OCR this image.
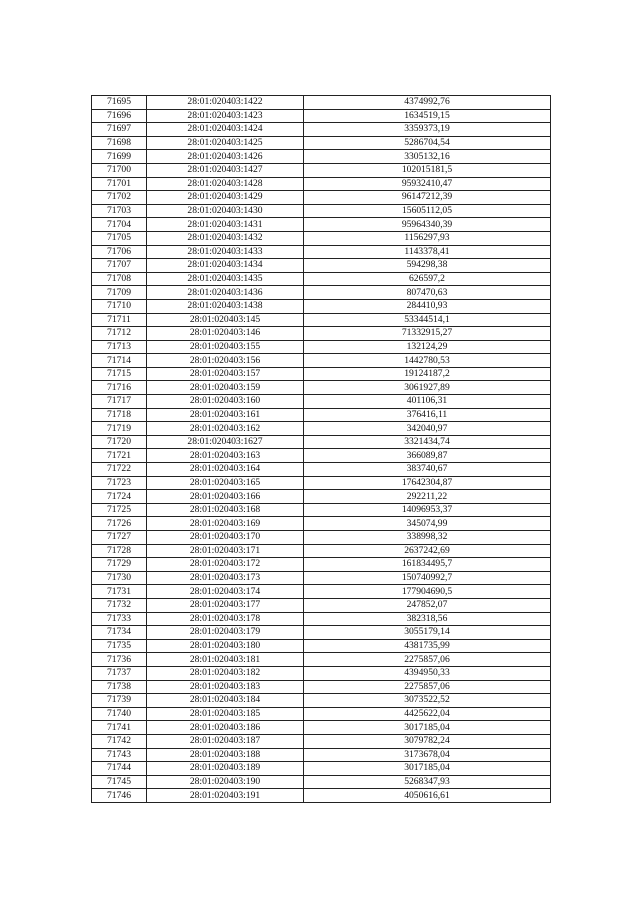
71695	28:01:020403:1422	4374992,76
71696	28:01:020403:1423	1634519,15
71697	28:01:020403:1424	3359373,19
71698	28:01:020403:1425	5286704,54
71699	28:01:020403:1426	3305132,16
71700	28:01:020403:1427	102015181,5
71701	28:01:020403:1428	95932410,47
71702	28:01:020403:1429	96147212,39
71703	28:01:020403:1430	15605112,05
71704	28:01:020403:1431	95964340,39
71705	28:01:020403:1432	1156297,93
71706	28:01:020403:1433	1143378,41
71707	28:01:020403:1434	594298,38
71708	28:01:020403:1435	626597,2
71709	28:01:020403:1436	807470,63
71710	28:01:020403:1438	284410,93
71711	28:01:020403:145	53344514,1
71712	28:01:020403:146	71332915,27
71713	28:01:020403:155	132124,29
71714	28:01:020403:156	1442780,53
71715	28:01:020403:157	19124187,2
71716	28:01:020403:159	3061927,89
71717	28:01:020403:160	401106,31
71718	28:01:020403:161	376416,11
71719	28:01:020403:162	342040,97
71720	28:01:020403:1627	3321434,74
71721	28:01:020403:163	366089,87
71722	28:01:020403:164	383740,67
71723	28:01:020403:165	17642304,87
71724	28:01:020403:166	292211,22
71725	28:01:020403:168	14096953,37
71726	28:01:020403:169	345074,99
71727	28:01:020403:170	338998,32
71728	28:01:020403:171	2637242,69
71729	28:01:020403:172	161834495,7
71730	28:01:020403:173	150740992,7
71731	28:01:020403:174	177904690,5
71732	28:01:020403:177	247852,07
71733	28:01:020403:178	382318,56
71734	28:01:020403:179	3055179,14
71735	28:01:020403:180	4381735,99
71736	28:01:020403:181	2275857,06
71737	28:01:020403:182	4394950,33
71738	28:01:020403:183	2275857,06
71739	28:01:020403:184	3073522,52
71740	28:01:020403:185	4425622,04
71741	28:01:020403:186	3017185,04
71742	28:01:020403:187	3079782,24
71743	28:01:020403:188	3173678,04
71744	28:01:020403:189	3017185,04
71745	28:01:020403:190	5268347,93
71746	28:01:020403:191	4050616,61
